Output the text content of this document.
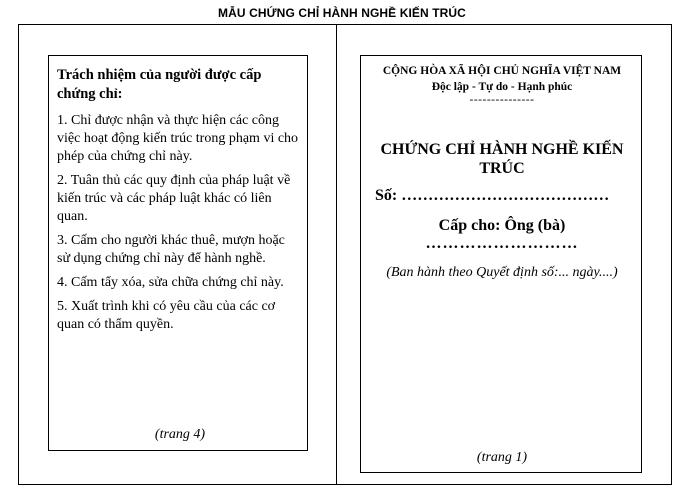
MẪU CHỨNG CHỈ HÀNH NGHỀ KIẾN TRÚC
Trách nhiệm của người được cấp chứng chỉ:
1. Chỉ được nhận và thực hiện các công việc hoạt động kiến trúc trong phạm vi cho phép của chứng chỉ này.
2. Tuân thủ các quy định của pháp luật về kiến trúc và các pháp luật khác có liên quan.
3. Cấm cho người khác thuê, mượn hoặc sử dụng chứng chỉ này để hành nghề.
4. Cấm tẩy xóa, sửa chữa chứng chỉ này.
5. Xuất trình khi có yêu cầu của các cơ quan có thẩm quyền.
(trang 4)
CỘNG HÒA XÃ HỘI CHỦ NGHĨA VIỆT NAM
Độc lập - Tự do - Hạnh phúc
---------------
CHỨNG CHỈ HÀNH NGHỀ KIẾN TRÚC
Số: …………………………………
Cấp cho: Ông (bà)
………………………
(Ban hành theo Quyết định số:... ngày....)
(trang 1)
